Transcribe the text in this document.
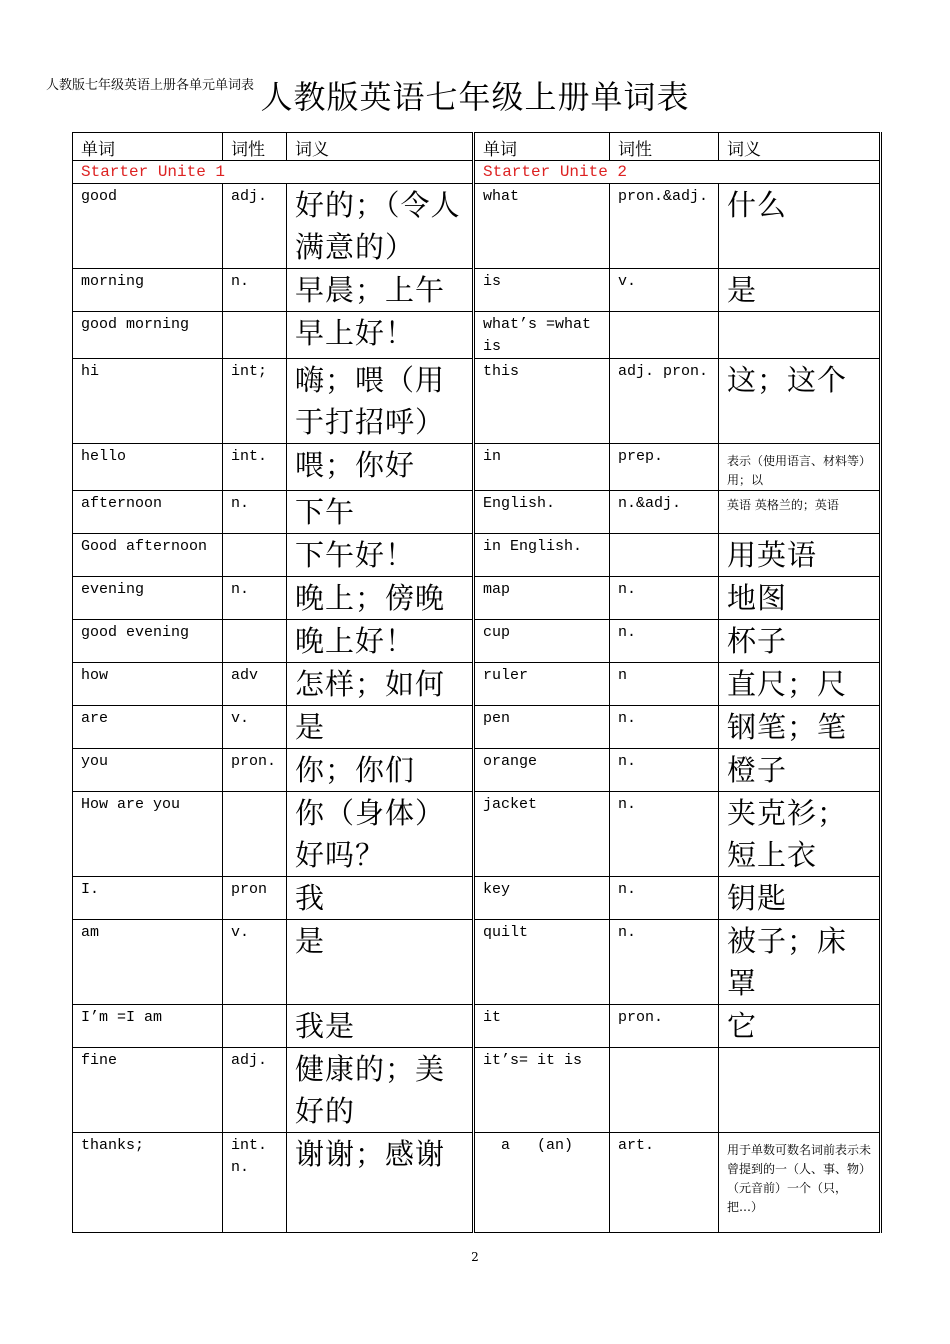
人教版七年级英语上册各单元单词表 人教版英语七年级上册单词表
单词	词性	词义	单词	词性	词义
Starter Unite 1			Starter Unite 2		
good	adj.	好的；（令人满意的）	what	pron.&adj.	什么
morning	n.	早晨；上午	is	v.	是
good morning		早上好！	what’s =what is		
hi	int;	嗨；喂（用于打招呼）	this	adj. pron.	这；这个
hello	int.	喂；你好	in	prep.	表示（使用语言、材料等）用；以
afternoon	n.	下午	English.	n.&adj.	英语 英格兰的；英语
Good afternoon		下午好！	in English.		用英语
evening	n.	晚上；傍晚	map	n.	地图
good evening		晚上好！	cup	n.	杯子
how	adv	怎样；如何	ruler	n	直尺；尺
are	v.	是	pen	n.	钢笔；笔
you	pron.	你；你们	orange	n.	橙子
How are you		你（身体）好吗？	jacket	n.	夹克衫；短上衣
I.	pron	我	key	n.	钥匙
am	v.	是	quilt	n.	被子；床罩
I’m =I am		我是	it	pron.	它
fine	adj.	健康的；美好的	it’s= it is		
thanks;	int. n.	谢谢；感谢	a   (an)	art.	用于单数可数名词前表示未曾提到的一（人、事、物）（元音前）一个（只，把…）
2
